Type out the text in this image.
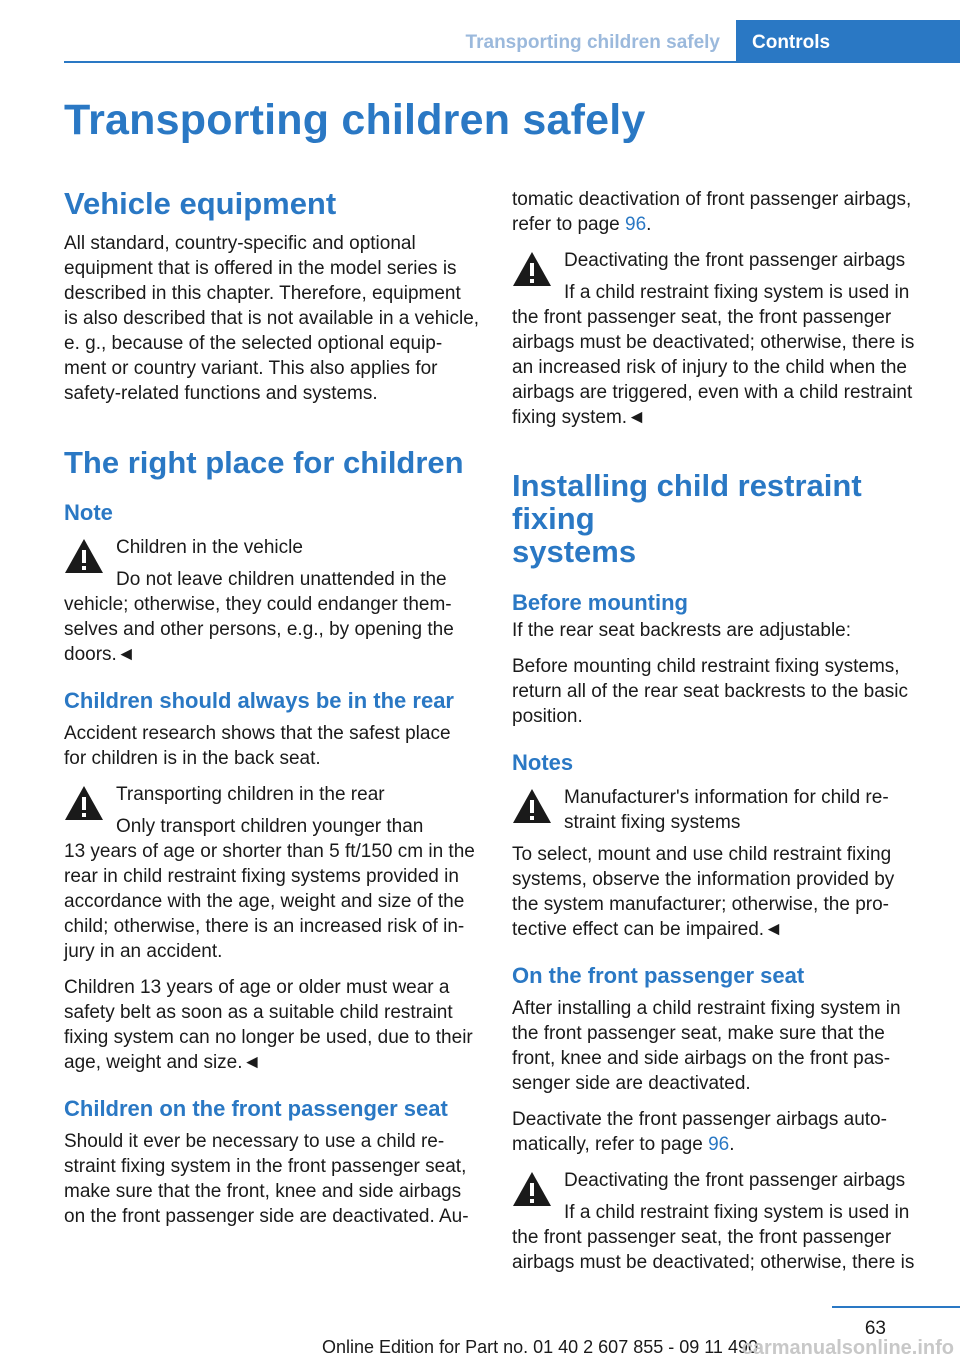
Transporting children safely	Controls
Transporting children safely
Vehicle equipment
All standard, country-specific and optional
equipment that is offered in the model series is
described in this chapter. Therefore, equipment
is also described that is not available in a vehicle,
e. g., because of the selected optional equip-
ment or country variant. This also applies for
safety-related functions and systems.
The right place for children
Note
Children in the vehicle
Do not leave children unattended in the
vehicle; otherwise, they could endanger them-
selves and other persons, e.g., by opening the
doors.◄
Children should always be in the rear
Accident research shows that the safest place
for children is in the back seat.
Transporting children in the rear
Only transport children younger than
13 years of age or shorter than 5 ft/150 cm in the
rear in child restraint fixing systems provided in
accordance with the age, weight and size of the
child; otherwise, there is an increased risk of in-
jury in an accident.
Children 13 years of age or older must wear a
safety belt as soon as a suitable child restraint
fixing system can no longer be used, due to their
age, weight and size.◄
Children on the front passenger seat
Should it ever be necessary to use a child re-
straint fixing system in the front passenger seat,
make sure that the front, knee and side airbags
on the front passenger side are deactivated. Au-
tomatic deactivation of front passenger airbags,
refer to page 96.
Deactivating the front passenger airbags
If a child restraint fixing system is used in
the front passenger seat, the front passenger
airbags must be deactivated; otherwise, there is
an increased risk of injury to the child when the
airbags are triggered, even with a child restraint
fixing system.◄
Installing child restraint fixing
systems
Before mounting
If the rear seat backrests are adjustable:
Before mounting child restraint fixing systems,
return all of the rear seat backrests to the basic
position.
Notes
Manufacturer's information for child re-
straint fixing systems
To select, mount and use child restraint fixing
systems, observe the information provided by
the system manufacturer; otherwise, the pro-
tective effect can be impaired.◄
On the front passenger seat
After installing a child restraint fixing system in
the front passenger seat, make sure that the
front, knee and side airbags on the front pas-
senger side are deactivated.
Deactivate the front passenger airbags auto-
matically, refer to page 96.
Deactivating the front passenger airbags
If a child restraint fixing system is used in
the front passenger seat, the front passenger
airbags must be deactivated; otherwise, there is
63
Online Edition for Part no. 01 40 2 607 855 - 09 11 490
carmanualsonline.info
